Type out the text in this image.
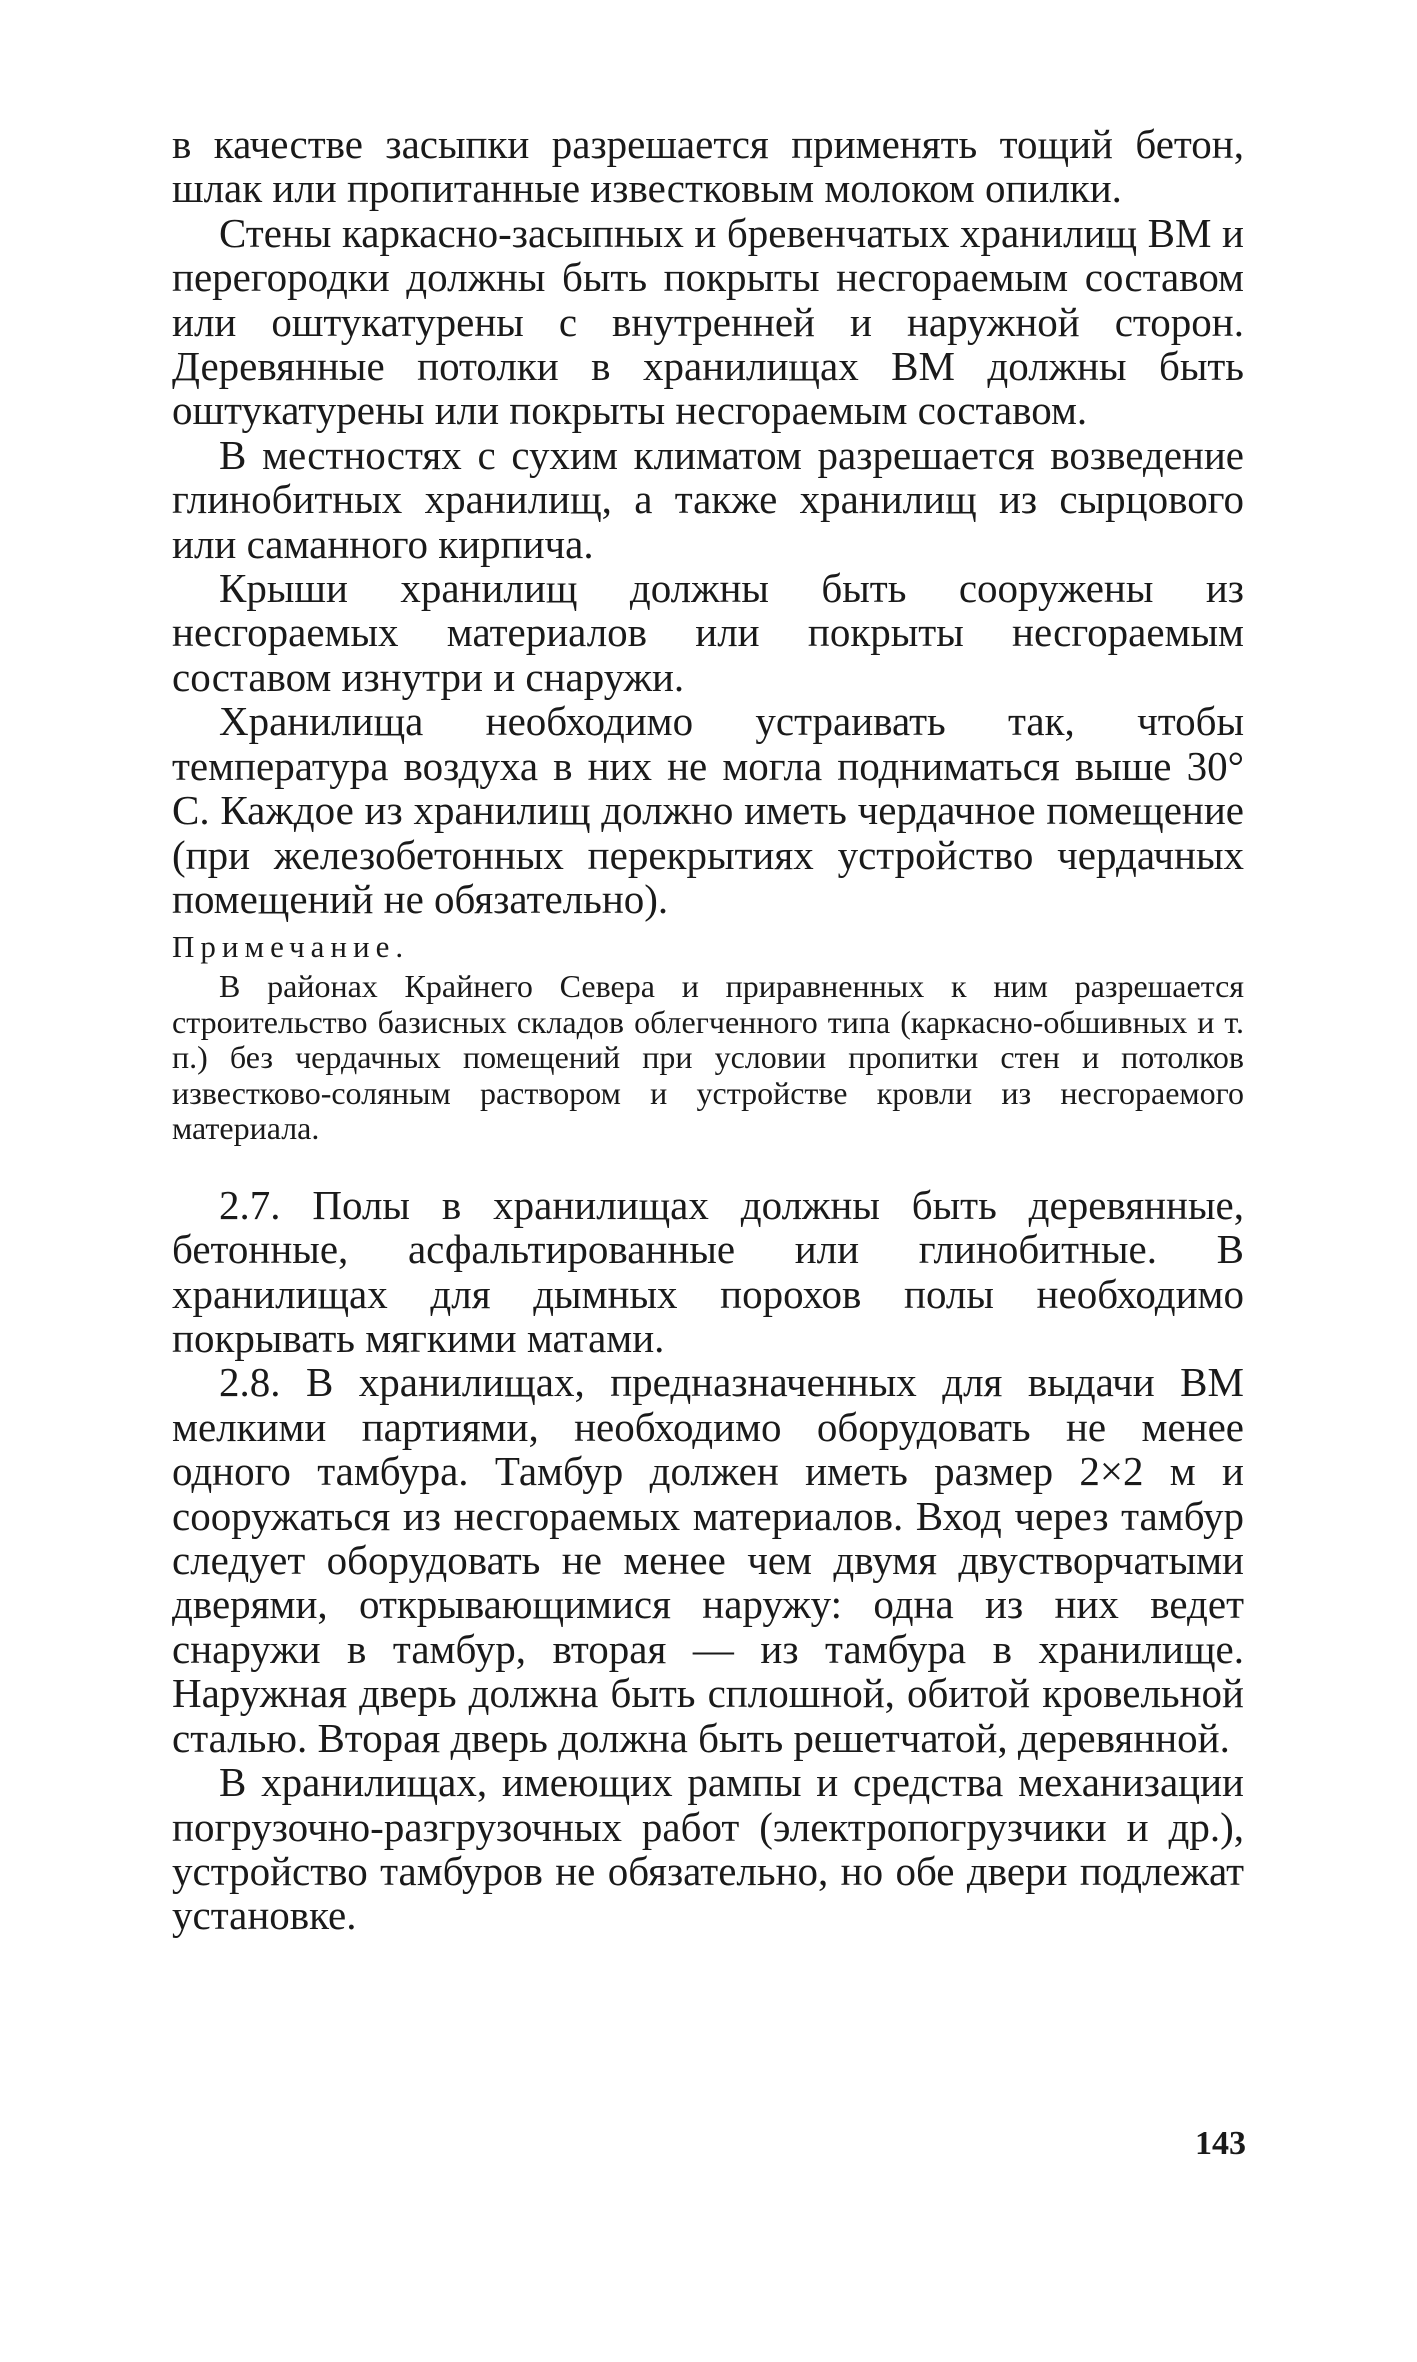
в качестве засыпки разрешается применять тощий бетон, шлак или пропитанные известковым молоком опилки.

Стены каркасно-засыпных и бревенчатых хранилищ ВМ и перегородки должны быть покрыты несгораемым составом или оштукатурены с внутренней и наружной сторон. Деревянные потолки в хранилищах ВМ должны быть оштукатурены или покрыты несгораемым составом.

В местностях с сухим климатом разрешается возведение глинобитных хранилищ, а также хранилищ из сырцового или саманного кирпича.

Крыши хранилищ должны быть сооружены из несгораемых материалов или покрыты несгораемым составом изнутри и снаружи.

Хранилища необходимо устраивать так, чтобы температура воздуха в них не могла подниматься выше 30° С. Каждое из хранилищ должно иметь чердачное помещение (при железобетонных перекрытиях устройство чердачных помещений не обязательно).

Примечание.

В районах Крайнего Севера и приравненных к ним разрешается строительство базисных складов облегченного типа (каркасно-обшивных и т. п.) без чердачных помещений при условии пропитки стен и потолков известково-соляным раствором и устройстве кровли из несгораемого материала.

2.7. Полы в хранилищах должны быть деревянные, бетонные, асфальтированные или глинобитные. В хранилищах для дымных порохов полы необходимо покрывать мягкими матами.

2.8. В хранилищах, предназначенных для выдачи ВМ мелкими партиями, необходимо оборудовать не менее одного тамбура. Тамбур должен иметь размер 2×2 м и сооружаться из несгораемых материалов. Вход через тамбур следует оборудовать не менее чем двумя двустворчатыми дверями, открывающимися наружу: одна из них ведет снаружи в тамбур, вторая — из тамбура в хранилище. Наружная дверь должна быть сплошной, обитой кровельной сталью. Вторая дверь должна быть решетчатой, деревянной.

В хранилищах, имеющих рампы и средства механизации погрузочно-разгрузочных работ (электропогрузчики и др.), устройство тамбуров не обязательно, но обе двери подлежат установке.

143
